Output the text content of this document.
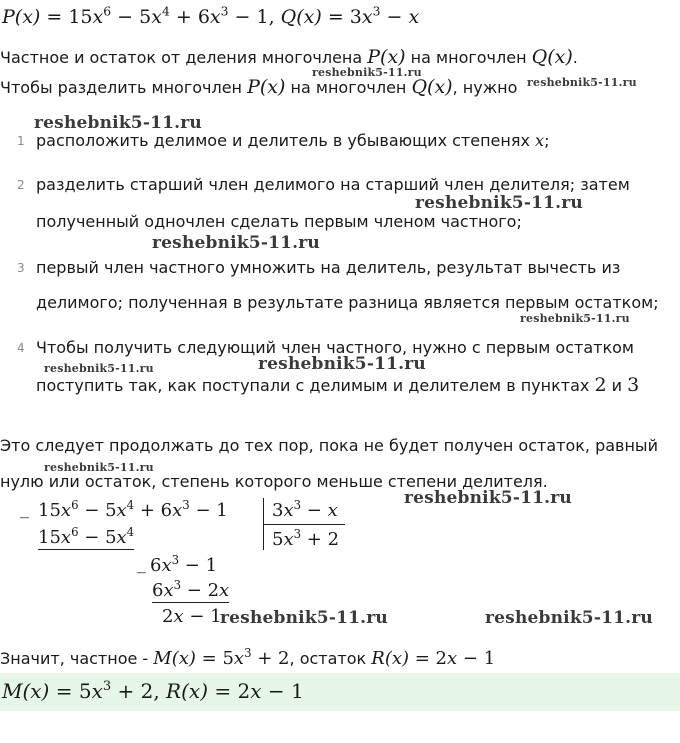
$P(x) = 15x^6 - 5x^4 + 6x^3 - 1$, $Q(x) = 3x^3 - x$
Частное и остаток от деления многочлена P(x) на многочлен Q(x).
Чтобы разделить многочлен P(x) на многочлен Q(x), нужно
1 расположить делимое и делитель в убывающих степенях x;
2 разделить старший член делимого на старший член делителя; затем
полученный одночлен сделать первым членом частного;
3 первый член частного умножить на делитель, результат вычесть из
делимого; полученная в результате разница является первым остатком;
4 Чтобы получить следующий член частного, нужно с первым остатком
поступить так, как поступали с делимым и делителем в пунктах 2 и 3
Это следует продолжать до тех пор, пока не будет получен остаток, равный
нулю или остаток, степень которого меньше степени делителя.
_ $15x^6 - 5x^4 + 6x^3 - 1$ $3x^3 - x$
$5x^3 + 2$
$15x^6 - 5x^4$
_ $6x^3 - 1$
$6x^3 - 2x$
2x − 1
Значит, частное - $M(x) = 5x^3 + 2$, остаток R(x) = 2x − 1
$M(x) = 5x^3 + 2$, R(x) = 2x − 1
reshebnik5-11.ru
reshebnik5-11.ru
reshebnik5-11.ru
reshebnik5-11.ru
reshebnik5-11.ru
reshebnik5-11.ru
reshebnik5-11.ru
reshebnik5-11.ru
reshebnik5-11.ru
reshebnik5-11.ru
reshebnik5-11.ru	reshebnik5-11.ru
